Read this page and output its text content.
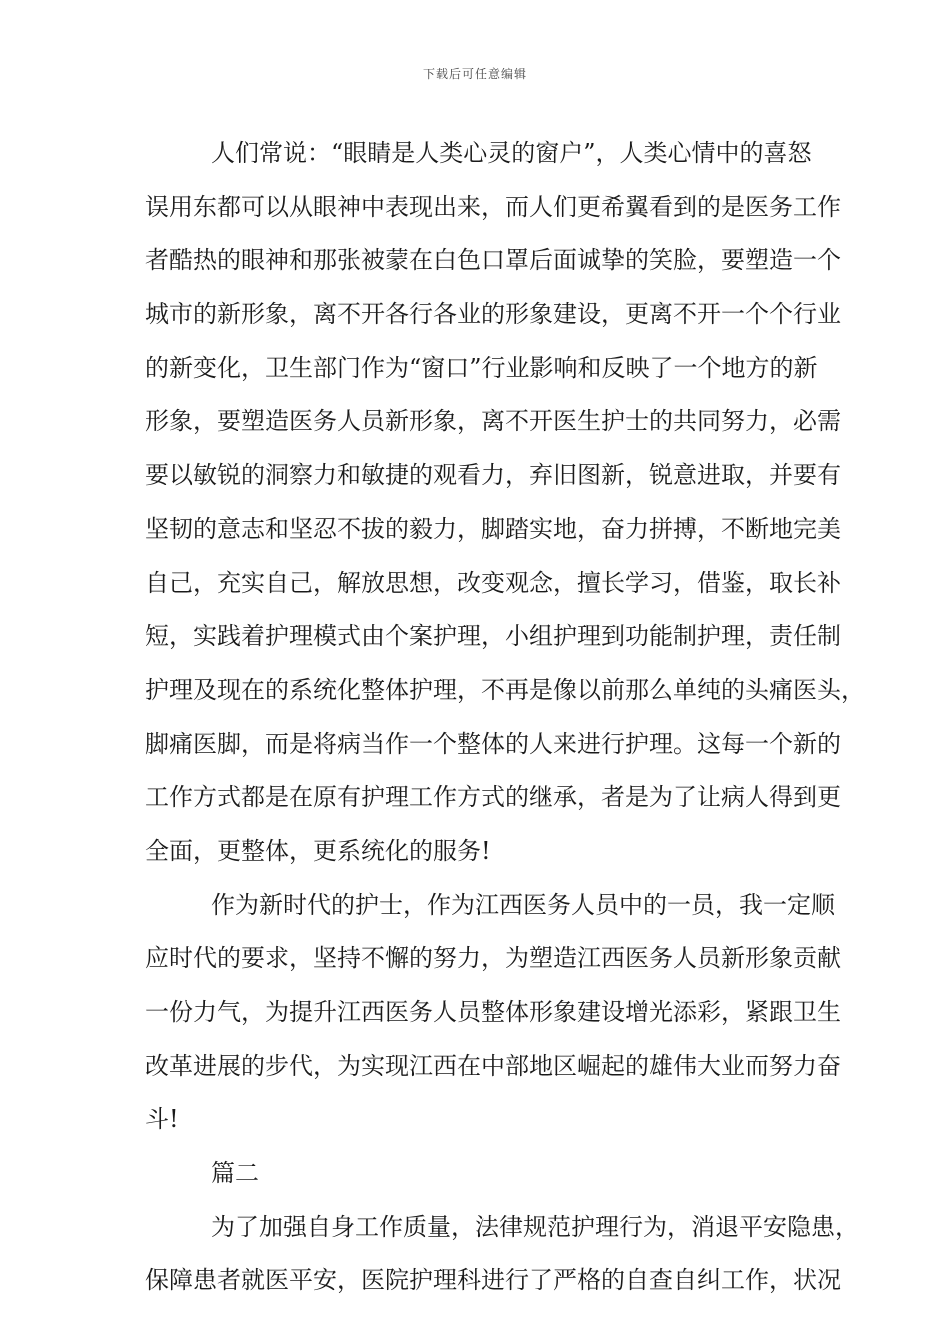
下载后可任意编辑
人们常说：“眼睛是人类心灵的窗户”，人类心情中的喜怒
误用东都可以从眼神中表现出来，而人们更希翼看到的是医务工作
者酷热的眼神和那张被蒙在白色口罩后面诚挚的笑脸，要塑造一个
城市的新形象，离不开各行各业的形象建设，更离不开一个个行业
的新变化，卫生部门作为“窗口”行业影响和反映了一个地方的新
形象，要塑造医务人员新形象，离不开医生护士的共同努力，必需
要以敏锐的洞察力和敏捷的观看力，弃旧图新，锐意进取，并要有
坚韧的意志和坚忍不拔的毅力，脚踏实地，奋力拼搏，不断地完美
自己，充实自己，解放思想，改变观念，擅长学习，借鉴，取长补
短，实践着护理模式由个案护理，小组护理到功能制护理，责任制
护理及现在的系统化整体护理，不再是像以前那么单纯的头痛医头，
脚痛医脚，而是将病当作一个整体的人来进行护理。这每一个新的
工作方式都是在原有护理工作方式的继承，者是为了让病人得到更
全面，更整体，更系统化的服务!
作为新时代的护士，作为江西医务人员中的一员，我一定顺
应时代的要求，坚持不懈的努力，为塑造江西医务人员新形象贡献
一份力气，为提升江西医务人员整体形象建设增光添彩，紧跟卫生
改革进展的步代，为实现江西在中部地区崛起的雄伟大业而努力奋
斗!
篇二
为了加强自身工作质量，法律规范护理行为，消退平安隐患，
保障患者就医平安，医院护理科进行了严格的自查自纠工作，状况
